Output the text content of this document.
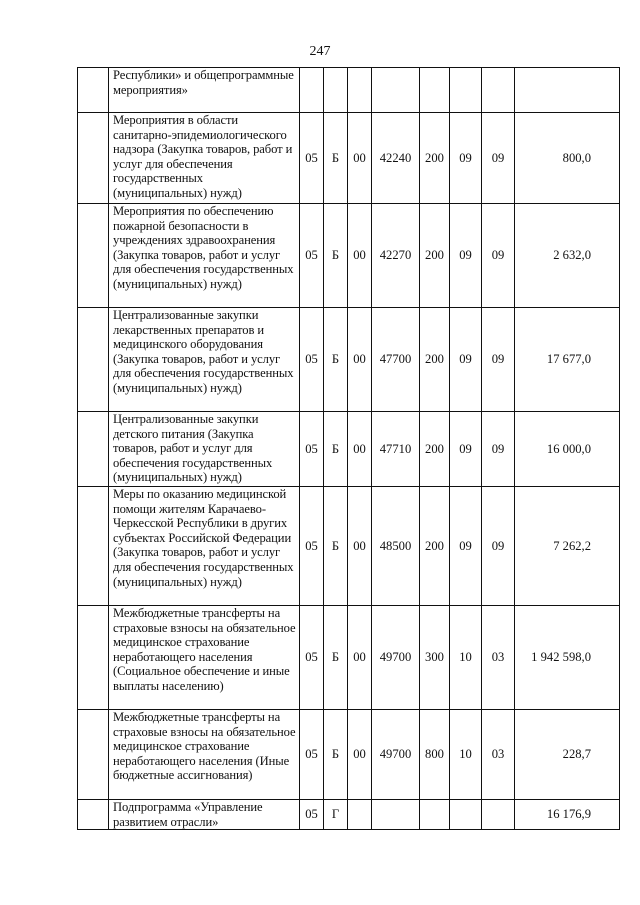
247
	Республики» и общепрограммные мероприятия»								
	Мероприятия в области санитарно-эпидемиологического надзора (Закупка товаров, работ и услуг для обеспечения государственных (муниципальных) нужд)	05	Б	00	42240	200	09	09	800,0
	Мероприятия по обеспечению пожарной безопасности в учреждениях здравоохранения (Закупка товаров, работ и услуг для обеспечения государственных (муниципальных) нужд)	05	Б	00	42270	200	09	09	2 632,0
	Централизованные закупки лекарственных препаратов и медицинского оборудования (Закупка товаров, работ и услуг для обеспечения государственных (муниципальных) нужд)	05	Б	00	47700	200	09	09	17 677,0
	Централизованные закупки детского питания (Закупка товаров, работ и услуг для обеспечения государственных (муниципальных) нужд)	05	Б	00	47710	200	09	09	16 000,0
	Меры по оказанию медицинской помощи жителям Карачаево-Черкесской Республики в других субъектах Российской Федерации (Закупка товаров, работ и услуг для обеспечения государственных (муниципальных) нужд)	05	Б	00	48500	200	09	09	7 262,2
	Межбюджетные трансферты на страховые взносы на обязательное медицинское страхование неработающего населения (Социальное обеспечение и иные выплаты населению)	05	Б	00	49700	300	10	03	1 942 598,0
	Межбюджетные трансферты на страховые взносы на обязательное медицинское страхование неработающего населения (Иные бюджетные ассигнования)	05	Б	00	49700	800	10	03	228,7
	Подпрограмма «Управление развитием отрасли»	05	Г						16 176,9
